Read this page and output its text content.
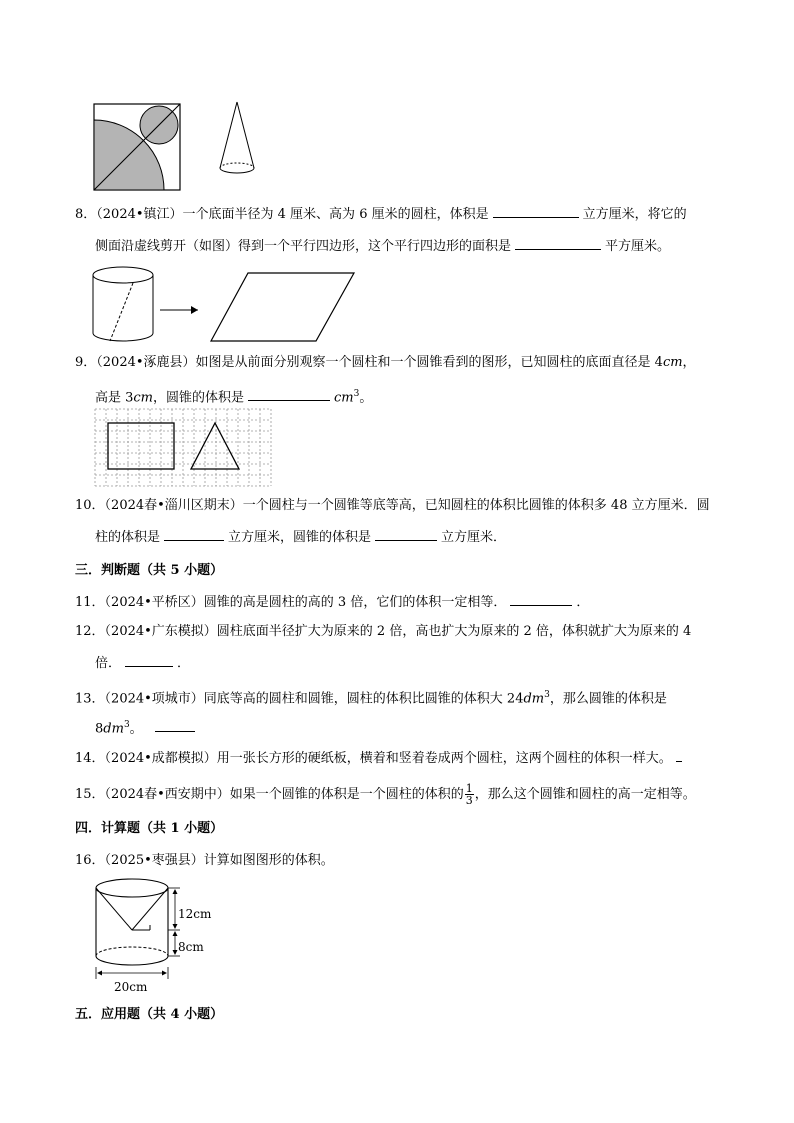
8．（2024•镇江）一个底面半径为 4 厘米、高为 6 厘米的圆柱，体积是	立方厘米，将它的
侧面沿虚线剪开（如图）得到一个平行四边形，这个平行四边形的面积是	平方厘米。
9．（2024•涿鹿县）如图是从前面分别观察一个圆柱和一个圆锥看到的图形，已知圆柱的底面直径是 4cm，
高是 3cm，圆锥的体积是	$cm^3$。
10．（2024春•淄川区期末）一个圆柱与一个圆锥等底等高，已知圆柱的体积比圆锥的体积多 48 立方厘米．圆
柱的体积是	立方厘米，圆锥的体积是	立方厘米．
三．判断题（共 5 小题）
11．（2024•平桥区）圆锥的高是圆柱的高的 3 倍，它们的体积一定相等．	．
12．（2024•广东模拟）圆柱底面半径扩大为原来的 2 倍，高也扩大为原来的 2 倍，体积就扩大为原来的 4
倍．	．
13．（2024•项城市）同底等高的圆柱和圆锥，圆柱的体积比圆锥的体积大 $24dm^3$，那么圆锥的体积是
$8dm^3$。
14．（2024•成都模拟）用一张长方形的硬纸板，横着和竖着卷成两个圆柱，这两个圆柱的体积一样大。
15．（2024春•西安期中）如果一个圆锥的体积是一个圆柱的体积的 $\frac{1}{3}$ ，那么这个圆锥和圆柱的高一定相等。
四．计算题（共 1 小题）
16．（2025•枣强县）计算如图图形的体积。
12cm
8cm
20cm
五．应用题（共 4 小题）
